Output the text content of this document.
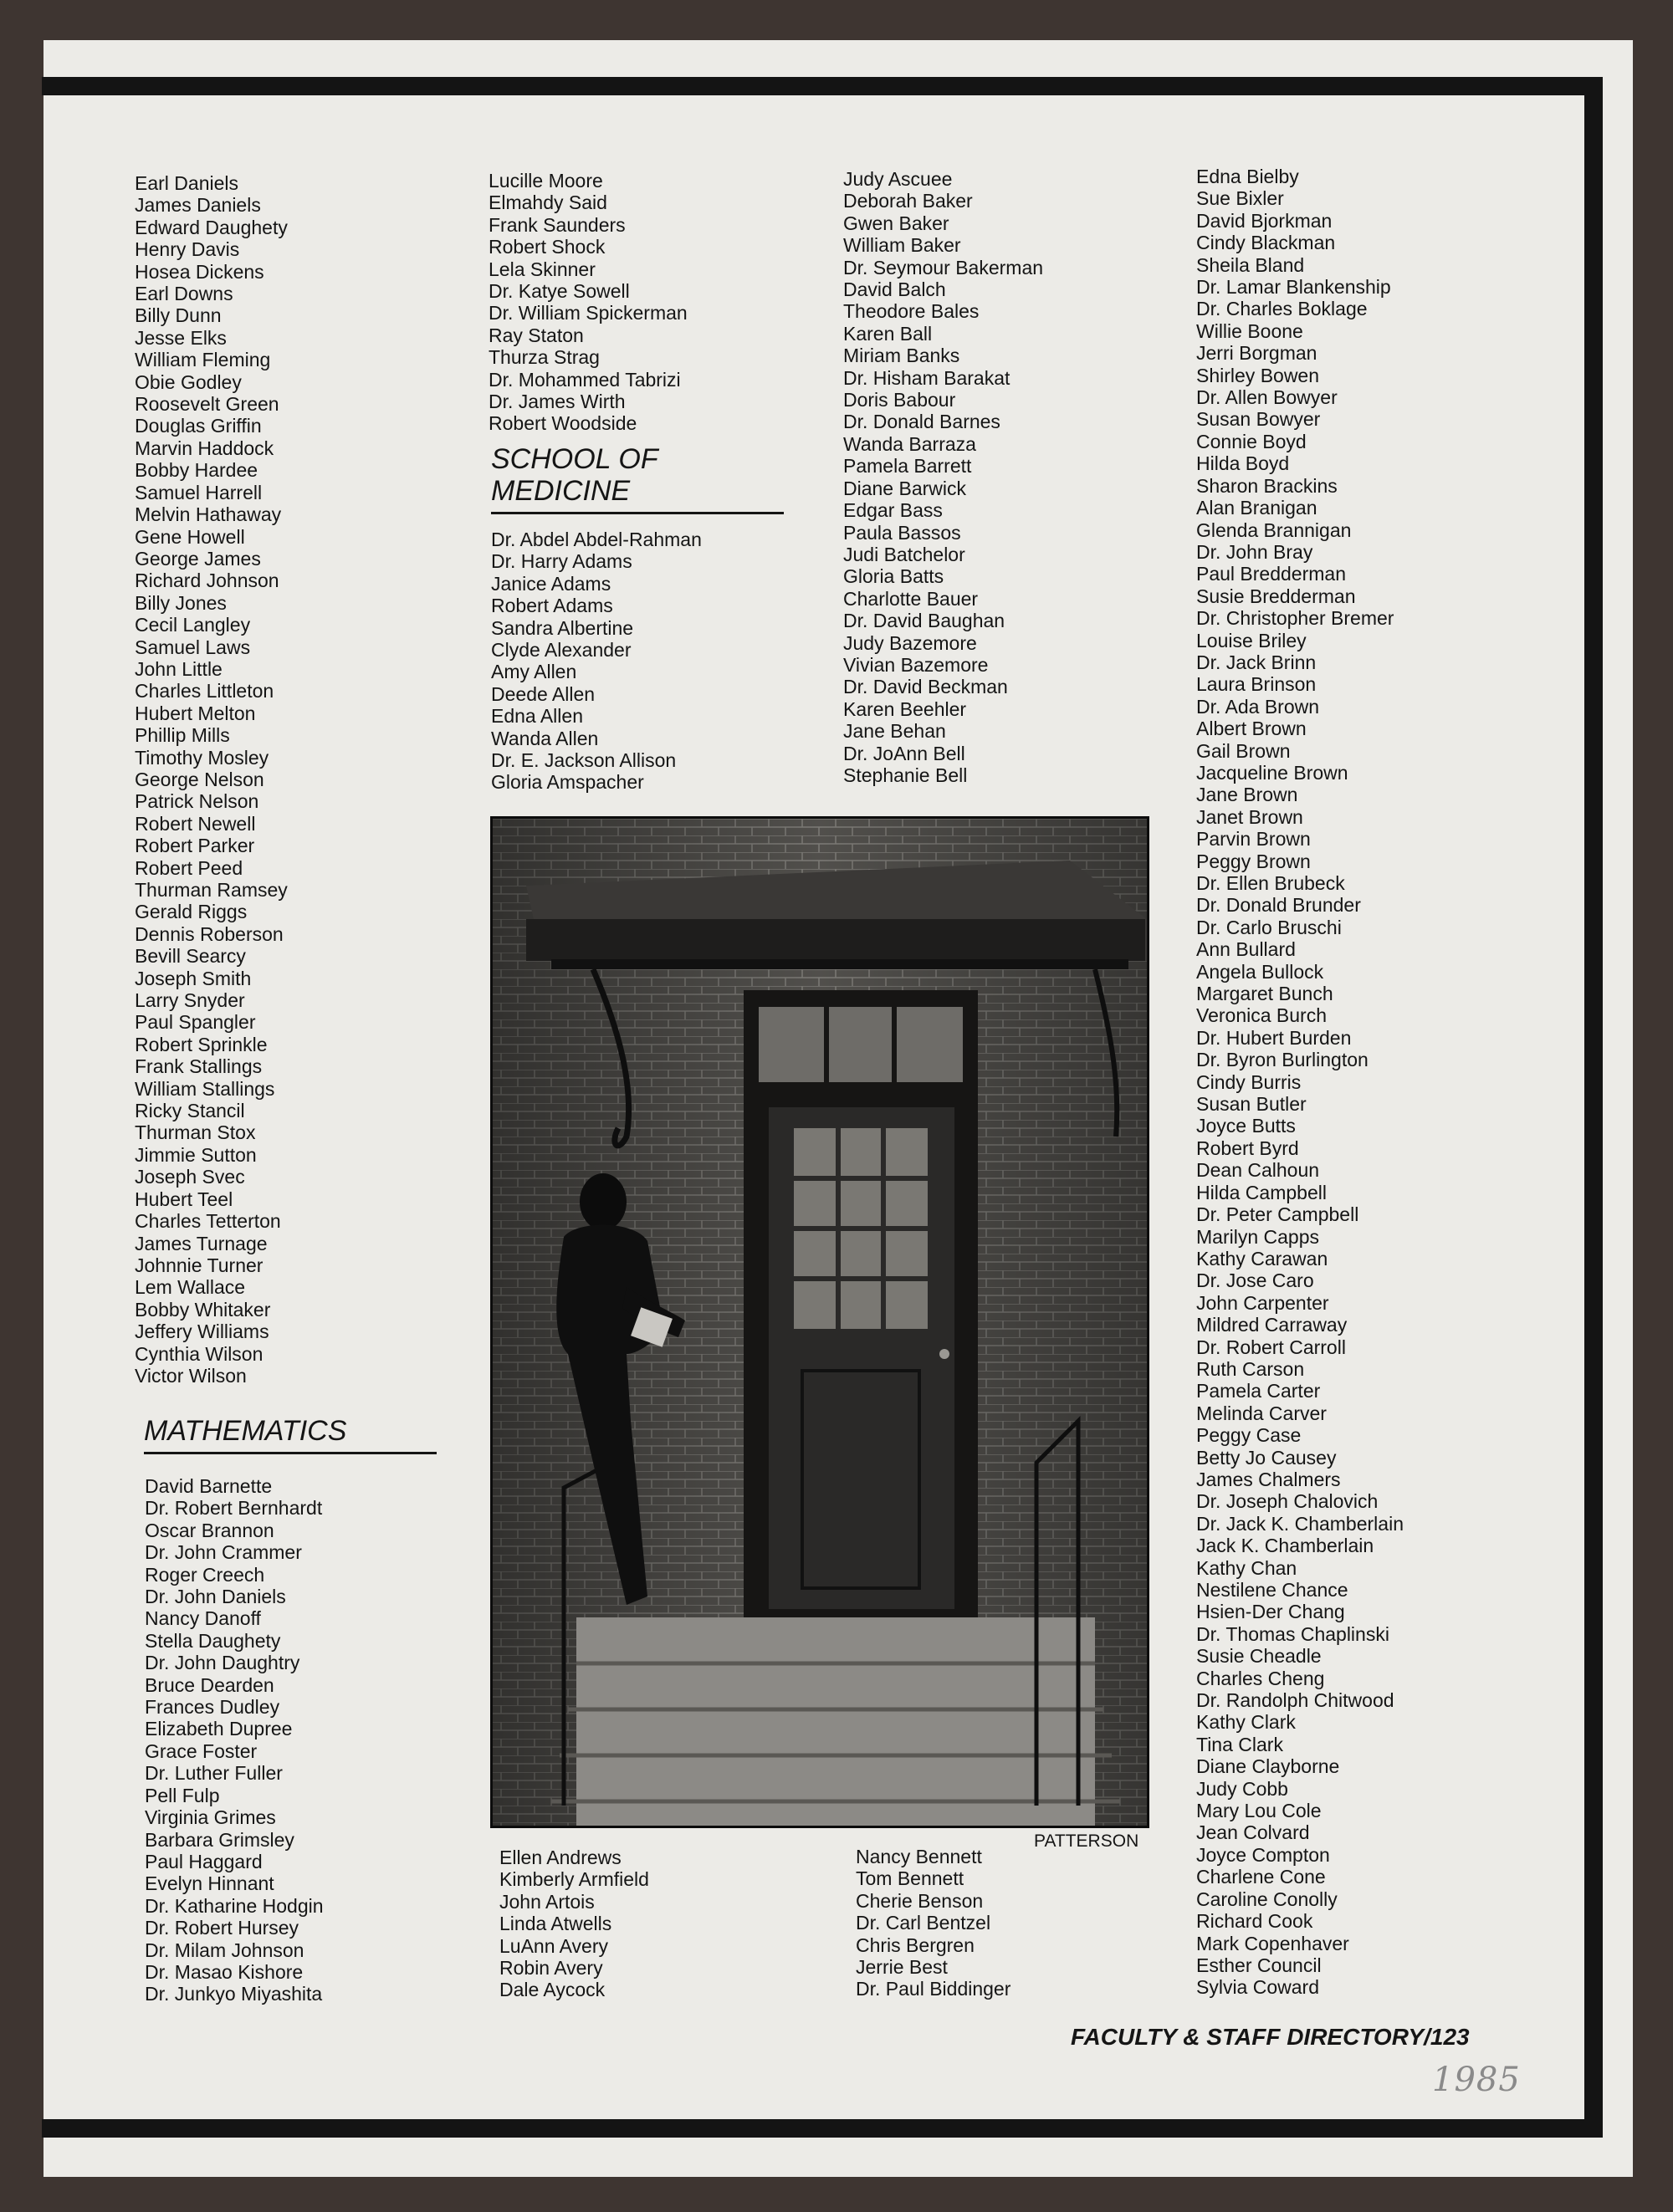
Earl Daniels
James Daniels
Edward Daughety
Henry Davis
Hosea Dickens
Earl Downs
Billy Dunn
Jesse Elks
William Fleming
Obie Godley
Roosevelt Green
Douglas Griffin
Marvin Haddock
Bobby Hardee
Samuel Harrell
Melvin Hathaway
Gene Howell
George James
Richard Johnson
Billy Jones
Cecil Langley
Samuel Laws
John Little
Charles Littleton
Hubert Melton
Phillip Mills
Timothy Mosley
George Nelson
Patrick Nelson
Robert Newell
Robert Parker
Robert Peed
Thurman Ramsey
Gerald Riggs
Dennis Roberson
Bevill Searcy
Joseph Smith
Larry Snyder
Paul Spangler
Robert Sprinkle
Frank Stallings
William Stallings
Ricky Stancil
Thurman Stox
Jimmie Sutton
Joseph Svec
Hubert Teel
Charles Tetterton
James Turnage
Johnnie Turner
Lem Wallace
Bobby Whitaker
Jeffery Williams
Cynthia Wilson
Victor Wilson
MATHEMATICS
David Barnette
Dr. Robert Bernhardt
Oscar Brannon
Dr. John Crammer
Roger Creech
Dr. John Daniels
Nancy Danoff
Stella Daughety
Dr. John Daughtry
Bruce Dearden
Frances Dudley
Elizabeth Dupree
Grace Foster
Dr. Luther Fuller
Pell Fulp
Virginia Grimes
Barbara Grimsley
Paul Haggard
Evelyn Hinnant
Dr. Katharine Hodgin
Dr. Robert Hursey
Dr. Milam Johnson
Dr. Masao Kishore
Dr. Junkyo Miyashita
Lucille Moore
Elmahdy Said
Frank Saunders
Robert Shock
Lela Skinner
Dr. Katye Sowell
Dr. William Spickerman
Ray Staton
Thurza Strag
Dr. Mohammed Tabrizi
Dr. James Wirth
Robert Woodside
SCHOOL OF
MEDICINE
Dr. Abdel Abdel-Rahman
Dr. Harry Adams
Janice Adams
Robert Adams
Sandra Albertine
Clyde Alexander
Amy Allen
Deede Allen
Edna Allen
Wanda Allen
Dr. E. Jackson Allison
Gloria Amspacher
PATTERSON
Ellen Andrews
Kimberly Armfield
John Artois
Linda Atwells
LuAnn Avery
Robin Avery
Dale Aycock
Judy Ascuee
Deborah Baker
Gwen Baker
William Baker
Dr. Seymour Bakerman
David Balch
Theodore Bales
Karen Ball
Miriam Banks
Dr. Hisham Barakat
Doris Babour
Dr. Donald Barnes
Wanda Barraza
Pamela Barrett
Diane Barwick
Edgar Bass
Paula Bassos
Judi Batchelor
Gloria Batts
Charlotte Bauer
Dr. David Baughan
Judy Bazemore
Vivian Bazemore
Dr. David Beckman
Karen Beehler
Jane Behan
Dr. JoAnn Bell
Stephanie Bell
Nancy Bennett
Tom Bennett
Cherie Benson
Dr. Carl Bentzel
Chris Bergren
Jerrie Best
Dr. Paul Biddinger
Edna Bielby
Sue Bixler
David Bjorkman
Cindy Blackman
Sheila Bland
Dr. Lamar Blankenship
Dr. Charles Boklage
Willie Boone
Jerri Borgman
Shirley Bowen
Dr. Allen Bowyer
Susan Bowyer
Connie Boyd
Hilda Boyd
Sharon Brackins
Alan Branigan
Glenda Brannigan
Dr. John Bray
Paul Bredderman
Susie Bredderman
Dr. Christopher Bremer
Louise Briley
Dr. Jack Brinn
Laura Brinson
Dr. Ada Brown
Albert Brown
Gail Brown
Jacqueline Brown
Jane Brown
Janet Brown
Parvin Brown
Peggy Brown
Dr. Ellen Brubeck
Dr. Donald Brunder
Dr. Carlo Bruschi
Ann Bullard
Angela Bullock
Margaret Bunch
Veronica Burch
Dr. Hubert Burden
Dr. Byron Burlington
Cindy Burris
Susan Butler
Joyce Butts
Robert Byrd
Dean Calhoun
Hilda Campbell
Dr. Peter Campbell
Marilyn Capps
Kathy Carawan
Dr. Jose Caro
John Carpenter
Mildred Carraway
Dr. Robert Carroll
Ruth Carson
Pamela Carter
Melinda Carver
Peggy Case
Betty Jo Causey
James Chalmers
Dr. Joseph Chalovich
Dr. Jack K. Chamberlain
Jack K. Chamberlain
Kathy Chan
Nestilene Chance
Hsien-Der Chang
Dr. Thomas Chaplinski
Susie Cheadle
Charles Cheng
Dr. Randolph Chitwood
Kathy Clark
Tina Clark
Diane Clayborne
Judy Cobb
Mary Lou Cole
Jean Colvard
Joyce Compton
Charlene Cone
Caroline Conolly
Richard Cook
Mark Copenhaver
Esther Council
Sylvia Coward
FACULTY & STAFF DIRECTORY/123
1985
